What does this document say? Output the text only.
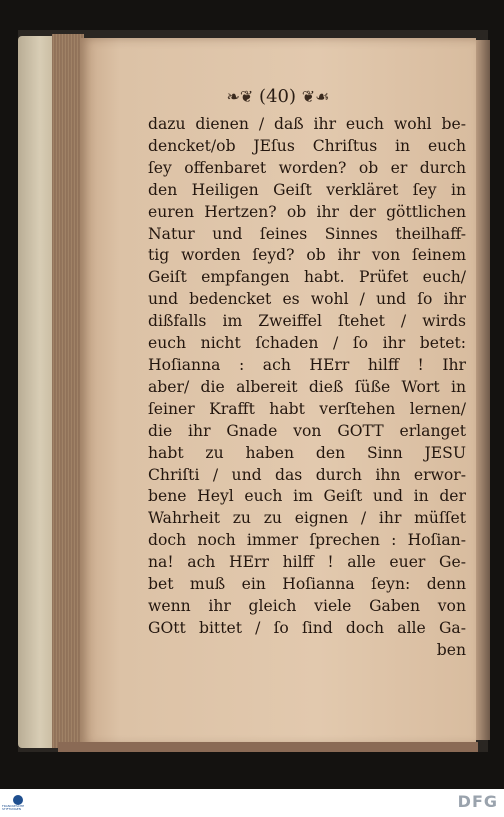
❧❦ (40) ❦☙
dazu dienen / daß ihr euch wohl be-
dencket/ob JEſus Chriſtus in euch
ſey offenbaret worden? ob er durch
den Heiligen Geiſt verkläret ſey in
euren Hertzen? ob ihr der göttlichen
Natur und ſeines Sinnes theilhaff-
tig worden ſeyd? ob ihr von ſeinem
Geiſt empfangen habt. Prüfet euch/
und bedencket es wohl / und ſo ihr
dißfalls im Zweiffel ſtehet / wirds
euch nicht ſchaden / ſo ihr betet:
Hoſianna : ach HErr hilff ! Ihr
aber/ die albereit dieß ſüße Wort in
ſeiner Krafft habt verſtehen lernen/
die ihr Gnade von GOTT erlanget
habt zu haben den Sinn JESU
Chriſti / und das durch ihn erwor-
bene Heyl euch im Geiſt und in der
Wahrheit zu zu eignen / ihr müſſet
doch noch immer ſprechen : Hoſian-
na! ach HErr hilff ! alle euer Ge-
bet muß ein Hoſianna ſeyn: denn
wenn ihr gleich viele Gaben von
GOtt bittet / ſo ſind doch alle Ga-
ben
FRANCKESCHE STIFTUNGEN	DFG
